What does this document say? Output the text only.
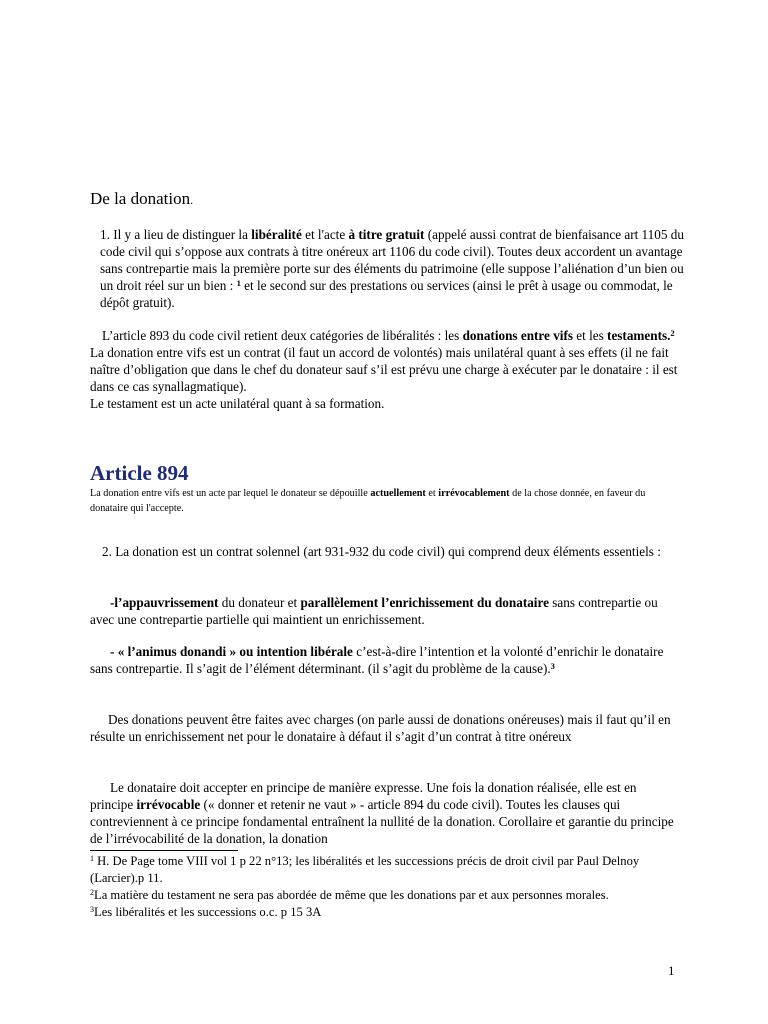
De la donation.

1. Il y a lieu de distinguer la libéralité et l'acte à titre gratuit (appelé aussi contrat de bienfaisance art 1105 du code civil qui s’oppose aux contrats à titre onéreux art 1106 du code civil). Toutes deux accordent un avantage sans contrepartie mais la première porte sur des éléments du patrimoine (elle suppose l’aliénation d’un bien ou un droit réel sur un bien : $^1$ et le second sur des prestations ou services (ainsi le prêt à usage ou commodat, le dépôt gratuit).

L’article 893 du code civil retient deux catégories de libéralités : les donations entre vifs et les testaments.$^2$ La donation entre vifs est un contrat (il faut un accord de volontés) mais unilatéral quant à ses effets (il ne fait naître d’obligation que dans le chef du donateur sauf s’il est prévu une charge à exécuter par le donataire : il est dans ce cas synallagmatique).
Le testament est un acte unilatéral quant à sa formation.

Article 894

La donation entre vifs est un acte par lequel le donateur se dépouille actuellement et irrévocablement de la chose donnée, en faveur du donataire qui l'accepte.

2. La donation est un contrat solennel (art 931-932 du code civil) qui comprend deux éléments essentiels :

-l’appauvrissement du donateur et parallèlement l’enrichissement du donataire sans contrepartie ou avec une contrepartie partielle qui maintient un enrichissement.

- « l’animus donandi » ou intention libérale c’est-à-dire l’intention et la volonté d’enrichir le donataire sans contrepartie. Il s’agit de l’élément déterminant. (il s’agit du problème de la cause).$^3$

Des donations peuvent être faites avec charges (on parle aussi de donations onéreuses) mais il faut qu’il en résulte un enrichissement net pour le donataire à défaut il s’agit d’un contrat à titre onéreux

Le donataire doit accepter en principe de manière expresse. Une fois la donation réalisée, elle est en principe irrévocable (« donner et retenir ne vaut » - article 894 du code civil). Toutes les clauses qui contreviennent à ce principe fondamental entraînent la nullité de la donation. Corollaire et garantie du principe de l’irrévocabilité de la donation, la donation

$^1$ H. De Page tome VIII vol 1 p 22 n°13; les libéralités et les successions précis de droit civil par Paul Delnoy (Larcier).p 11.

$^2$La matière du testament ne sera pas abordée de même que les donations par et aux personnes morales.

$^3$Les libéralités et les successions o.c. p 15 3A

1
